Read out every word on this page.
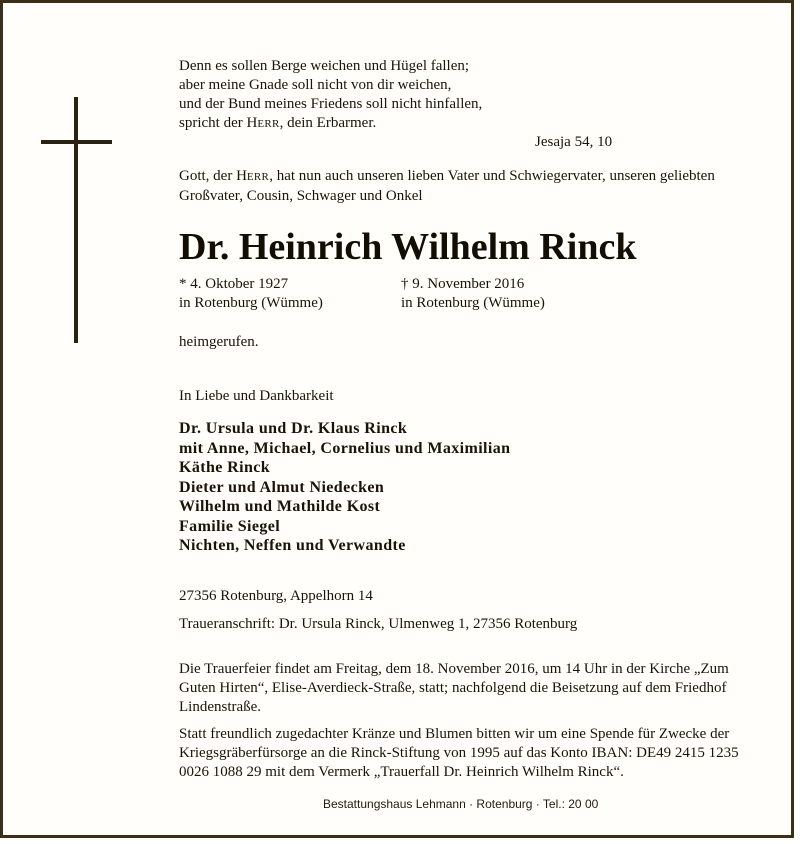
Denn es sollen Berge weichen und Hügel fallen;
aber meine Gnade soll nicht von dir weichen,
und der Bund meines Friedens soll nicht hinfallen,
spricht der HERR, dein Erbarmer.
Jesaja 54, 10
Gott, der HERR, hat nun auch unseren lieben Vater und Schwiegervater, unseren geliebten
Großvater, Cousin, Schwager und Onkel
Dr. Heinrich Wilhelm Rinck
* 4. Oktober 1927
in Rotenburg (Wümme)
† 9. November 2016
in Rotenburg (Wümme)
heimgerufen.
In Liebe und Dankbarkeit
Dr. Ursula und Dr. Klaus Rinck
mit Anne, Michael, Cornelius und Maximilian
Käthe Rinck
Dieter und Almut Niedecken
Wilhelm und Mathilde Kost
Familie Siegel
Nichten, Neffen und Verwandte
27356 Rotenburg, Appelhorn 14
Traueranschrift: Dr. Ursula Rinck, Ulmenweg 1, 27356 Rotenburg
Die Trauerfeier findet am Freitag, dem 18. November 2016, um 14 Uhr in der Kirche „Zum
Guten Hirten“, Elise-Averdieck-Straße, statt; nachfolgend die Beisetzung auf dem Friedhof
Lindenstraße.
Statt freundlich zugedachter Kränze und Blumen bitten wir um eine Spende für Zwecke der
Kriegsgräberfürsorge an die Rinck-Stiftung von 1995 auf das Konto IBAN: DE49 2415 1235
0026 1088 29 mit dem Vermerk „Trauerfall Dr. Heinrich Wilhelm Rinck“.
Bestattungshaus Lehmann · Rotenburg · Tel.: 20 00
